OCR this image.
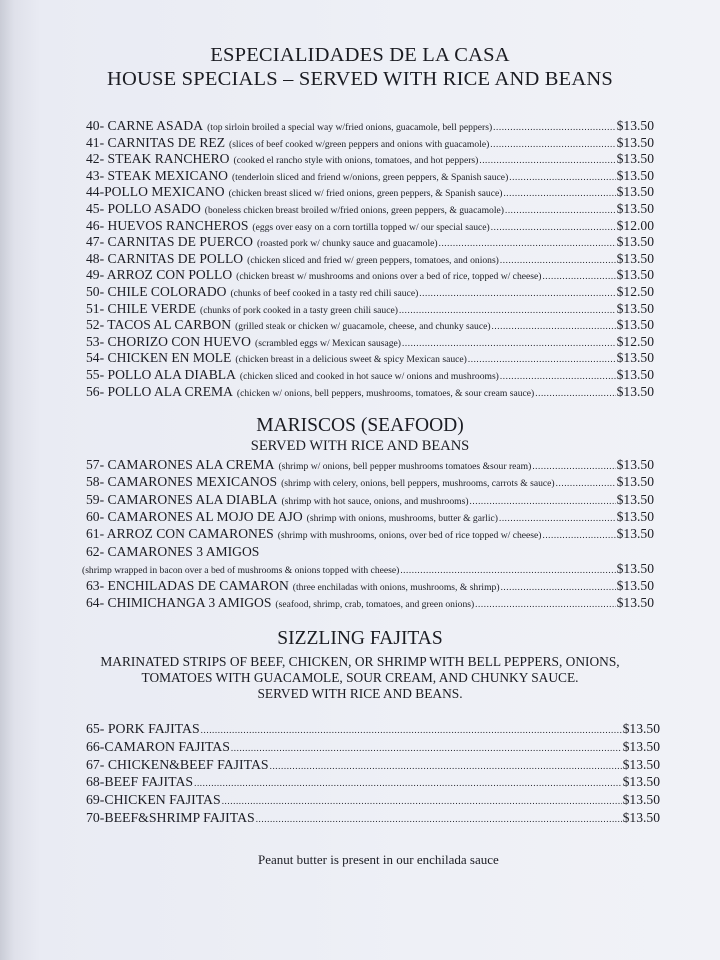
ESPECIALIDADES DE LA CASA
HOUSE SPECIALS – SERVED WITH RICE AND BEANS
40- CARNE ASADA (top sirloin broiled a special way w/fried onions, guacamole, bell peppers) .....	$13.50
41- CARNITAS DE REZ (slices of beef cooked w/green peppers and onions with guacamole) .....	$13.50
42- STEAK RANCHERO (cooked el rancho style with onions, tomatoes, and hot peppers) .....	$13.50
43- STEAK MEXICANO (tenderloin sliced and friend w/onions, green peppers, & Spanish sauce) .....	$13.50
44-POLLO MEXICANO (chicken breast sliced w/ fried onions, green peppers, & Spanish sauce) .....	$13.50
45- POLLO ASADO (boneless chicken breast broiled w/fried onions, green peppers, & guacamole) .....	$13.50
46- HUEVOS RANCHEROS (eggs over easy on a corn tortilla topped w/ our special sauce) .....	$12.00
47- CARNITAS DE PUERCO (roasted pork w/ chunky sauce and guacamole) .....	$13.50
48- CARNITAS DE POLLO (chicken sliced and fried w/ green peppers, tomatoes, and onions) .....	$13.50
49- ARROZ CON POLLO (chicken breast w/ mushrooms and onions over a bed of rice, topped w/ cheese) .....	$13.50
50- CHILE COLORADO (chunks of beef cooked in a tasty red chili sauce) .....	$12.50
51- CHILE VERDE (chunks of pork cooked in a tasty green chili sauce) .....	$13.50
52- TACOS AL CARBON (grilled steak or chicken w/ guacamole, cheese, and chunky sauce) .....	$13.50
53- CHORIZO CON HUEVO (scrambled eggs w/ Mexican sausage) .....	$12.50
54- CHICKEN EN MOLE (chicken breast in a delicious sweet & spicy Mexican sauce) .....	$13.50
55- POLLO ALA DIABLA (chicken sliced and cooked in hot sauce w/ onions and mushrooms) .....	$13.50
56- POLLO ALA CREMA (chicken w/ onions, bell peppers, mushrooms, tomatoes, & sour cream sauce) .....	$13.50
MARISCOS (SEAFOOD)
SERVED WITH RICE AND BEANS
57- CAMARONES ALA CREMA (shrimp w/ onions, bell pepper mushrooms tomatoes &sour ream) .....	$13.50
58- CAMARONES MEXICANOS (shrimp with celery, onions, bell peppers, mushrooms, carrots & sauce) .....	$13.50
59- CAMARONES ALA DIABLA (shrimp with hot sauce, onions, and mushrooms) .....	$13.50
60- CAMARONES AL MOJO DE AJO (shrimp with onions, mushrooms, butter & garlic) .....	$13.50
61- ARROZ CON CAMARONES (shrimp with mushrooms, onions, over bed of rice topped w/ cheese) .....	$13.50
62- CAMARONES 3 AMIGOS
(shrimp wrapped in bacon over a bed of mushrooms & onions topped with cheese) .....	$13.50
63- ENCHILADAS DE CAMARON (three enchiladas with onions, mushrooms, & shrimp) .....	$13.50
64- CHIMICHANGA 3 AMIGOS (seafood, shrimp, crab, tomatoes, and green onions) .....	$13.50
SIZZLING FAJITAS
MARINATED STRIPS OF BEEF, CHICKEN, OR SHRIMP WITH BELL PEPPERS, ONIONS,
TOMATOES WITH GUACAMOLE, SOUR CREAM, AND CHUNKY SAUCE.
SERVED WITH RICE AND BEANS.
65- PORK FAJITAS .....	$13.50
66-CAMARON FAJITAS .....	$13.50
67- CHICKEN&BEEF FAJITAS .....	$13.50
68-BEEF FAJITAS .....	$13.50
69-CHICKEN FAJITAS .....	$13.50
70-BEEF&SHRIMP FAJITAS .....	$13.50
Peanut butter is present in our enchilada sauce
